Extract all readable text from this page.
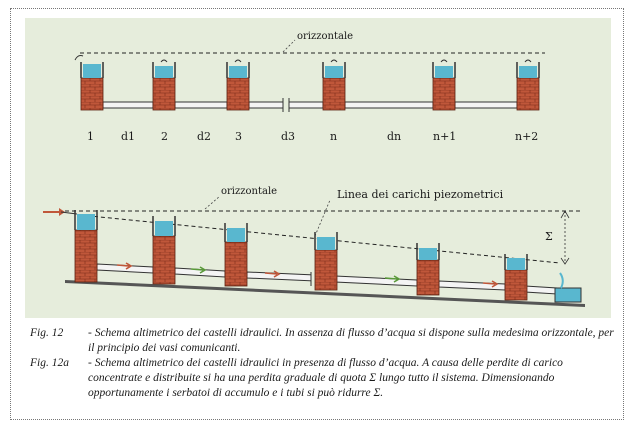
orizzontale
1 d1 2	d2 3	d3	n	dn	n+1	n+2
orizzontale	Linea dei carichi piezometrici
Σ
Fig. 12	- Schema altimetrico dei castelli idraulici. In assenza di flusso d’acqua si dispone sulla medesima orizzontale, per il principio dei vasi comunicanti.
Fig. 12a	- Schema altimetrico dei castelli idraulici in presenza di flusso d’acqua. A causa delle perdite di carico concentrate e distribuite si ha una perdita graduale di quota Σ lungo tutto il sistema. Dimensionando opportunamente i serbatoi di accumulo e i tubi si può ridurre Σ.
